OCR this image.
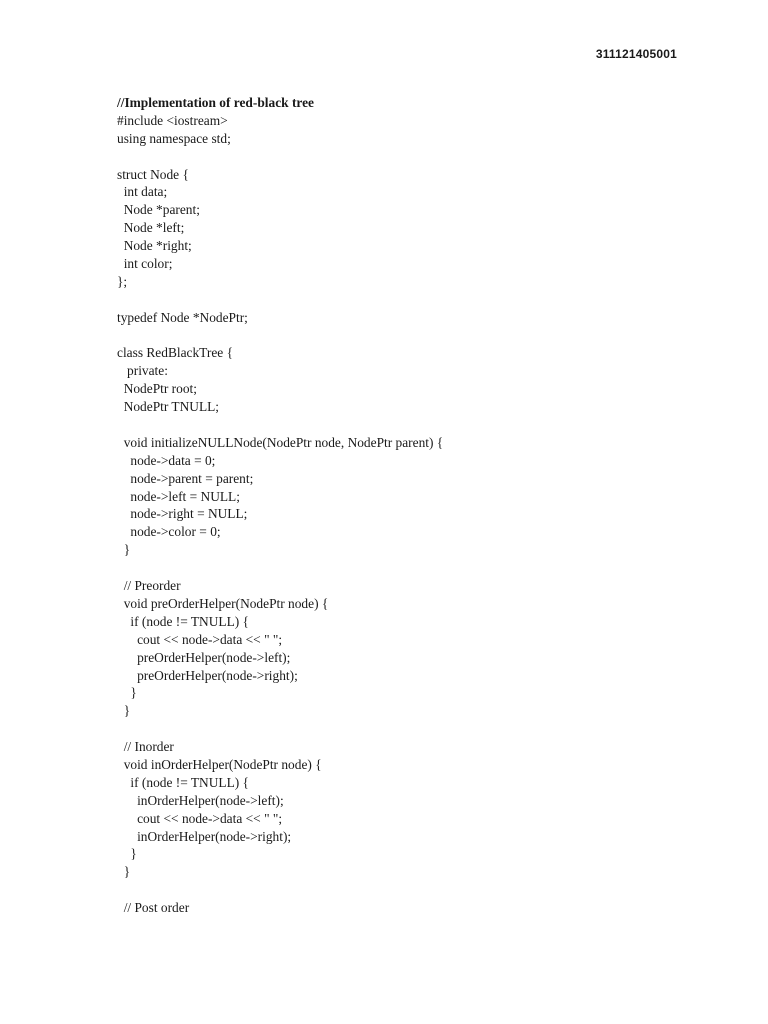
311121405001
//Implementation of red-black tree
#include <iostream>
using namespace std;
struct Node {
int data;
Node *parent;
Node *left;
Node *right;
int color;
};
typedef Node *NodePtr;
class RedBlackTree {
private:
NodePtr root;
NodePtr TNULL;
void initializeNULLNode(NodePtr node, NodePtr parent) {
node->data = 0;
node->parent = parent;
node->left = NULL;
node->right = NULL;
node->color = 0;
}
// Preorder
void preOrderHelper(NodePtr node) {
if (node != TNULL) {
cout << node->data << " ";
preOrderHelper(node->left);
preOrderHelper(node->right);
}
}
// Inorder
void inOrderHelper(NodePtr node) {
if (node != TNULL) {
inOrderHelper(node->left);
cout << node->data << " ";
inOrderHelper(node->right);
}
}
// Post order
